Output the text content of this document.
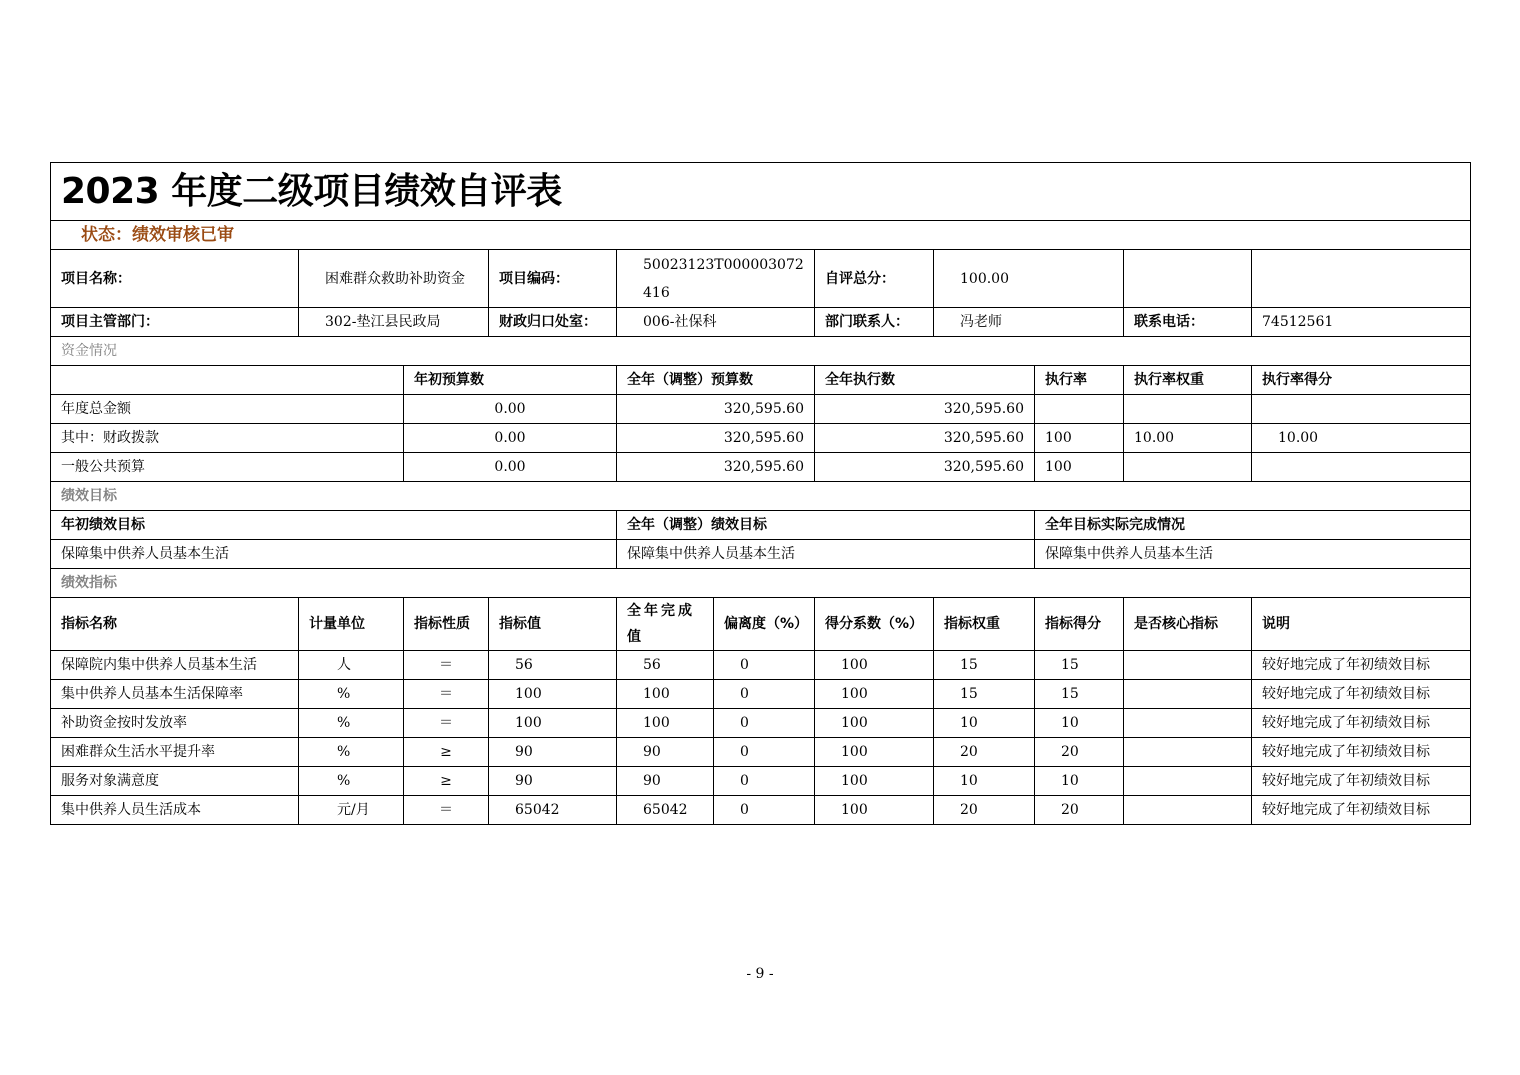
2023 年度二级项目绩效自评表										
状态：绩效审核已审										
项目名称：	困难群众救助补助资金		项目编码：	50023123T000003072416		自评总分：	100.00			
项目主管部门：	302-垫江县民政局		财政归口处室：	006-社保科		部门联系人：	冯老师		联系电话：	74512561
资金情况										
		年初预算数		全年（调整）预算数		全年执行数		执行率	执行率权重	执行率得分
年度总金额		0.00		320,595.60		320,595.60				
其中：财政拨款		0.00		320,595.60		320,595.60		100	10.00	10.00
一般公共预算		0.00		320,595.60		320,595.60		100		
绩效目标										
年初绩效目标				全年（调整）绩效目标				全年目标实际完成情况		
保障集中供养人员基本生活				保障集中供养人员基本生活				保障集中供养人员基本生活		
绩效指标										
指标名称	计量单位	指标性质	指标值	全年完成值	偏离度（%）	得分系数（%）	指标权重	指标得分	是否核心指标	说明
保障院内集中供养人员基本生活	人	＝	56	56	0	100	15	15		较好地完成了年初绩效目标
集中供养人员基本生活保障率	%	＝	100	100	0	100	15	15		较好地完成了年初绩效目标
补助资金按时发放率	%	＝	100	100	0	100	10	10		较好地完成了年初绩效目标
困难群众生活水平提升率	%	≥	90	90	0	100	20	20		较好地完成了年初绩效目标
服务对象满意度	%	≥	90	90	0	100	10	10		较好地完成了年初绩效目标
集中供养人员生活成本	元/月	＝	65042	65042	0	100	20	20		较好地完成了年初绩效目标
- 9 -
